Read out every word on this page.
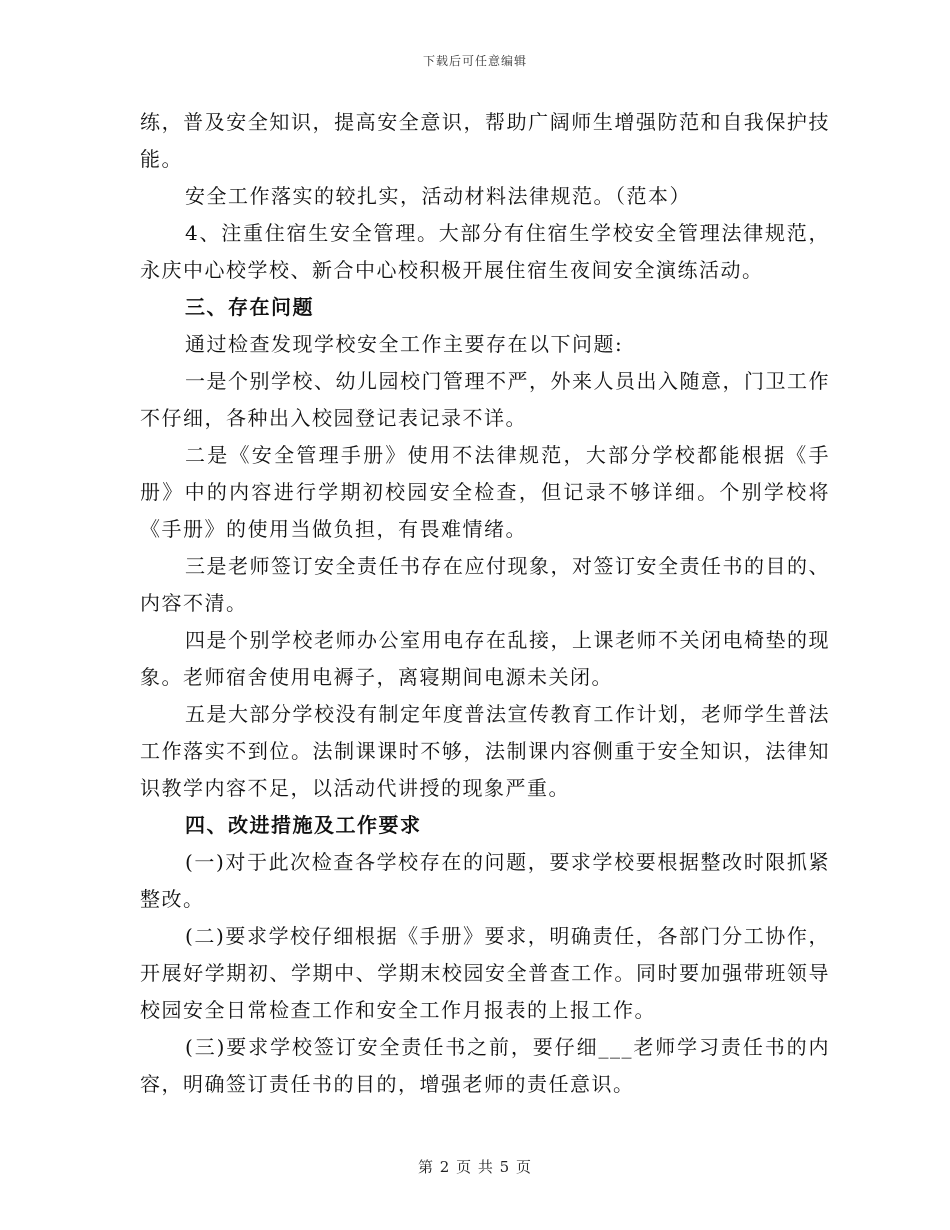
下载后可任意编辑

练，普及安全知识，提高安全意识，帮助广阔师生增强防范和自我保护技能。

安全工作落实的较扎实，活动材料法律规范。（范本）

4、注重住宿生安全管理。大部分有住宿生学校安全管理法律规范，永庆中心校学校、新合中心校积极开展住宿生夜间安全演练活动。

三、存在问题

通过检查发现学校安全工作主要存在以下问题:

一是个别学校、幼儿园校门管理不严，外来人员出入随意，门卫工作不仔细，各种出入校园登记表记录不详。

二是《安全管理手册》使用不法律规范，大部分学校都能根据《手册》中的内容进行学期初校园安全检查，但记录不够详细。个别学校将《手册》的使用当做负担，有畏难情绪。

三是老师签订安全责任书存在应付现象，对签订安全责任书的目的、内容不清。

四是个别学校老师办公室用电存在乱接，上课老师不关闭电椅垫的现象。老师宿舍使用电褥子，离寝期间电源未关闭。

五是大部分学校没有制定年度普法宣传教育工作计划，老师学生普法工作落实不到位。法制课课时不够，法制课内容侧重于安全知识，法律知识教学内容不足，以活动代讲授的现象严重。

四、改进措施及工作要求

(一)对于此次检查各学校存在的问题，要求学校要根据整改时限抓紧整改。

(二)要求学校仔细根据《手册》要求，明确责任，各部门分工协作，开展好学期初、学期中、学期末校园安全普查工作。同时要加强带班领导校园安全日常检查工作和安全工作月报表的上报工作。

(三)要求学校签订安全责任书之前，要仔细___老师学习责任书的内容，明确签订责任书的目的，增强老师的责任意识。

第 2 页 共 5 页
